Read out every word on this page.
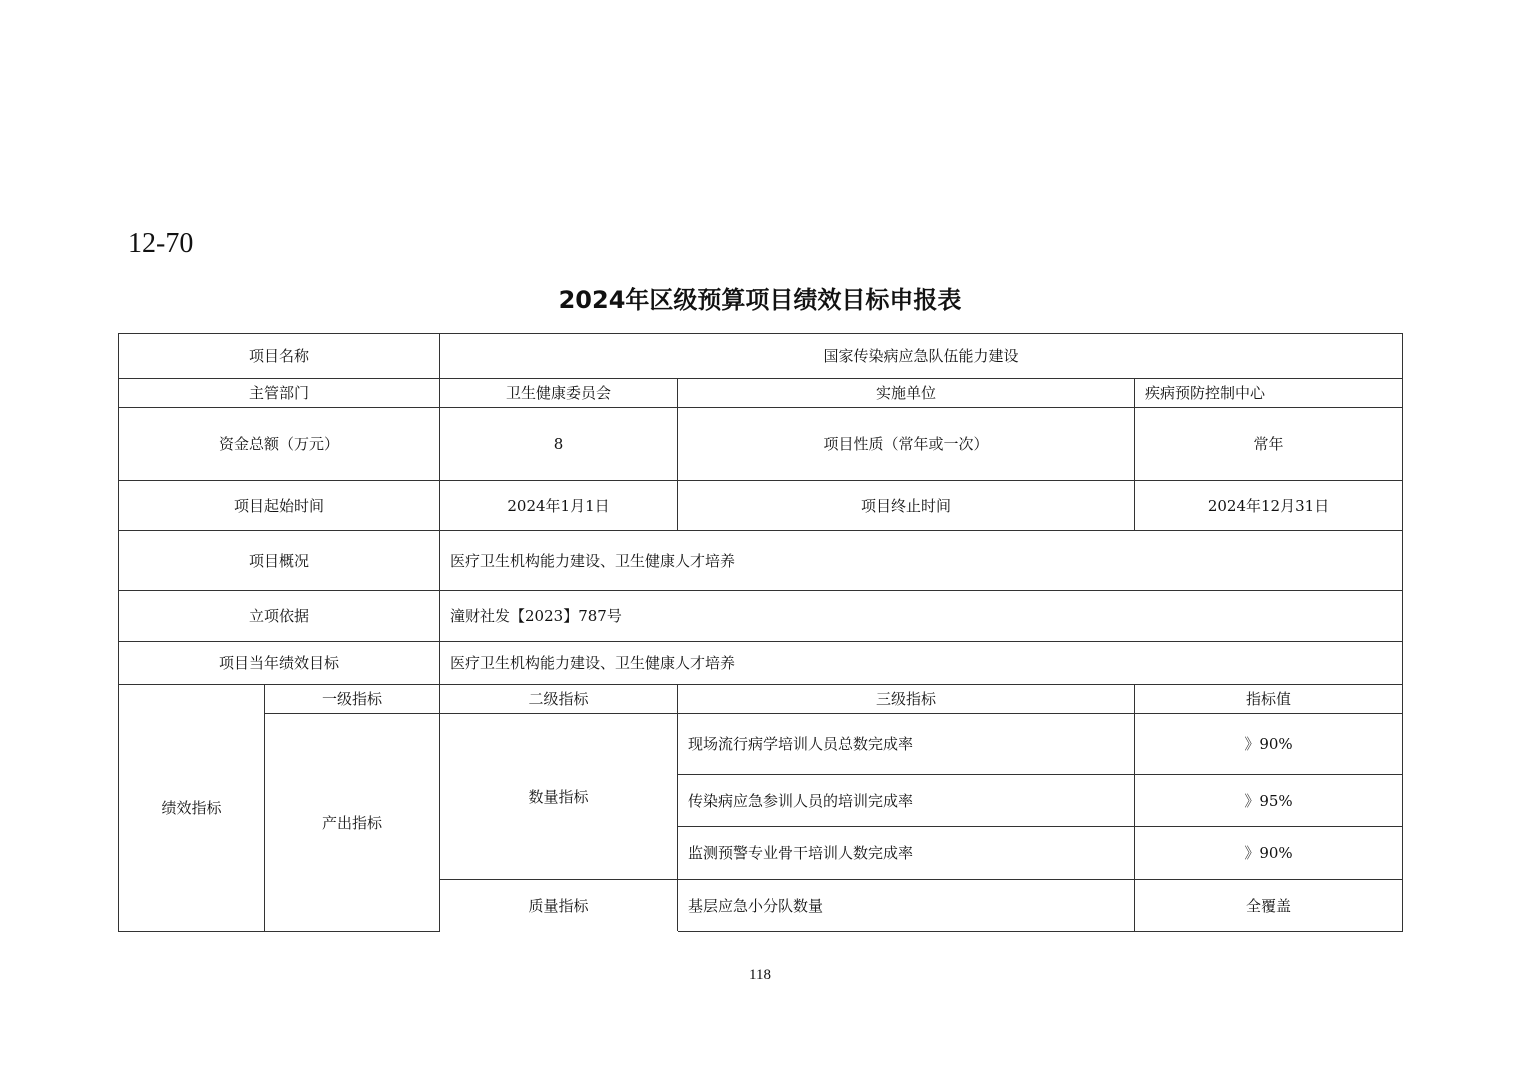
12-70
2024年区级预算项目绩效目标申报表
项目名称		国家传染病应急队伍能力建设		
主管部门		卫生健康委员会	实施单位	疾病预防控制中心
资金总额（万元）		8	项目性质（常年或一次）	常年
项目起始时间		2024年1月1日	项目终止时间	2024年12月31日
项目概况		医疗卫生机构能力建设、卫生健康人才培养		
立项依据		潼财社发【2023】787号		
项目当年绩效目标		医疗卫生机构能力建设、卫生健康人才培养		
绩效指标	一级指标	二级指标	三级指标	指标值
	产出指标	数量指标	现场流行病学培训人员总数完成率	》90%
			传染病应急参训人员的培训完成率	》95%
			监测预警专业骨干培训人数完成率	》90%
		质量指标	基层应急小分队数量	全覆盖
118
